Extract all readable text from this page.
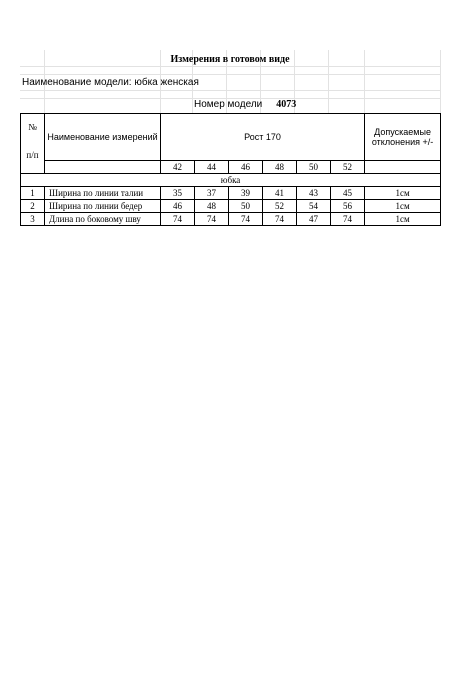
Измерения в готовом виде
Наименование модели: юбка женская
Номер модели 4073
№
п/п	Наименование измерений	Рост 170						Допускаемые отклонения +/-
		42	44	46	48	50	52	
юбка								
1	Ширина по линии талии	35	37	39	41	43	45	1см
2	Ширина по линии бедер	46	48	50	52	54	56	1см
3	Длина по боковому шву	74	74	74	74	47	74	1см
